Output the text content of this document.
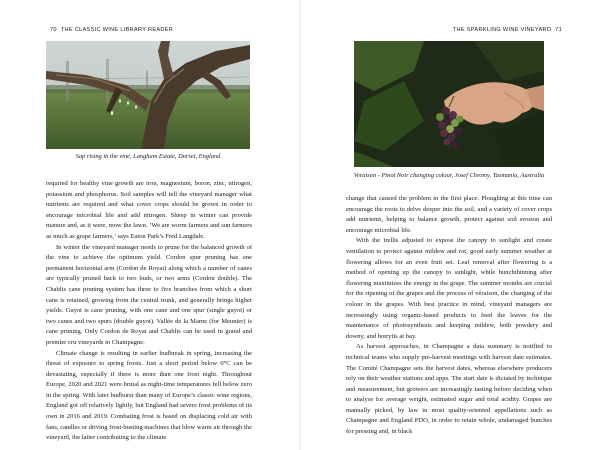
70 THE CLASSIC WINE LIBRARY READER
Sap rising in the vine, Langham Estate, Dorset, England

required for healthy vine growth are iron, magnesium, boron, zinc, nitrogen, potassium and phosphorus. Soil samples will tell the vineyard manager what nutrients are required and what cover crops should be grown in order to encourage microbial life and add nitrogen. Sheep in winter can provide manure and, as it were, mow the lawn. ‘We are worm farmers and sun farmers as much as grape farmers,’ says Eaton Park’s Fred Langdale.

In winter the vineyard manager needs to prune for the balanced growth of the vine to achieve the optimum yield. Cordon spur pruning has one permanent horizontal arm (Cordon de Royat) along which a number of canes are typically pruned back to two buds, or two arms (Cordon double). The Chablis cane pruning system has three to five branches from which a short cane is retained, growing from the central trunk, and generally brings higher yields. Guyot is cane pruning, with one cane and one spur (single guyot) or two canes and two spurs (double guyot). Vallée de la Marne (for Meunier) is cane pruning. Only Cordon de Royat and Chablis can be used in grand and premier cru vineyards in Champagne.

Climate change is resulting in earlier budbreak in spring, increasing the threat of exposure to spring frosts. Just a short period below 0°C can be devastating, especially if there is more than one frost night. Throughout Europe, 2020 and 2021 were brutal as night-time temperatures fell below zero in the spring. With later budburst than many of Europe’s classic wine regions, England got off relatively lightly, but England had severe frost problems of its own in 2016 and 2019. Combating frost is based on displacing cold air with fans, candles or driving frost-busting machines that blow warm air through the vineyard, the latter contributing to the climate

THE SPARKLING WINE VINEYARD 71
Veraison - Pinot Noir changing colour, Josef Chromy, Tasmania, Australia

change that caused the problem in the first place. Ploughing at this time can encourage the roots to delve deeper into the soil, and a variety of cover crops add nutrients, helping to balance growth, protect against soil erosion and encourage microbial life.

With the trellis adjusted to expose the canopy to sunlight and create ventilation to protect against mildew and rot, good early summer weather at flowering allows for an even fruit set. Leaf removal after flowering is a method of opening up the canopy to sunlight, while bunchthinning after flowering maximizes the energy in the grape. The summer months are crucial for the ripening of the grapes and the process of véraison, the changing of the colour in the grapes. With best practice in mind, vineyard managers are increasingly using organic-based products to feed the leaves for the maintenance of photosynthesis and keeping mildew, both powdery and downy, and botrytis at bay.

As harvest approaches, in Champagne a data summary is notified to technical teams who supply pre-harvest meetings with harvest date estimates. The Comité Champagne sets the harvest dates, whereas elsewhere producers rely on their weather stations and apps. The start date is dictated by technique and measurement, but growers are increasingly tasting before deciding when to analyse for average weight, estimated sugar and total acidity. Grapes are manually picked, by law in most quality-oriented appellations such as Champagne and England PDO, in order to retain whole, undamaged bunches for pressing and, in black
